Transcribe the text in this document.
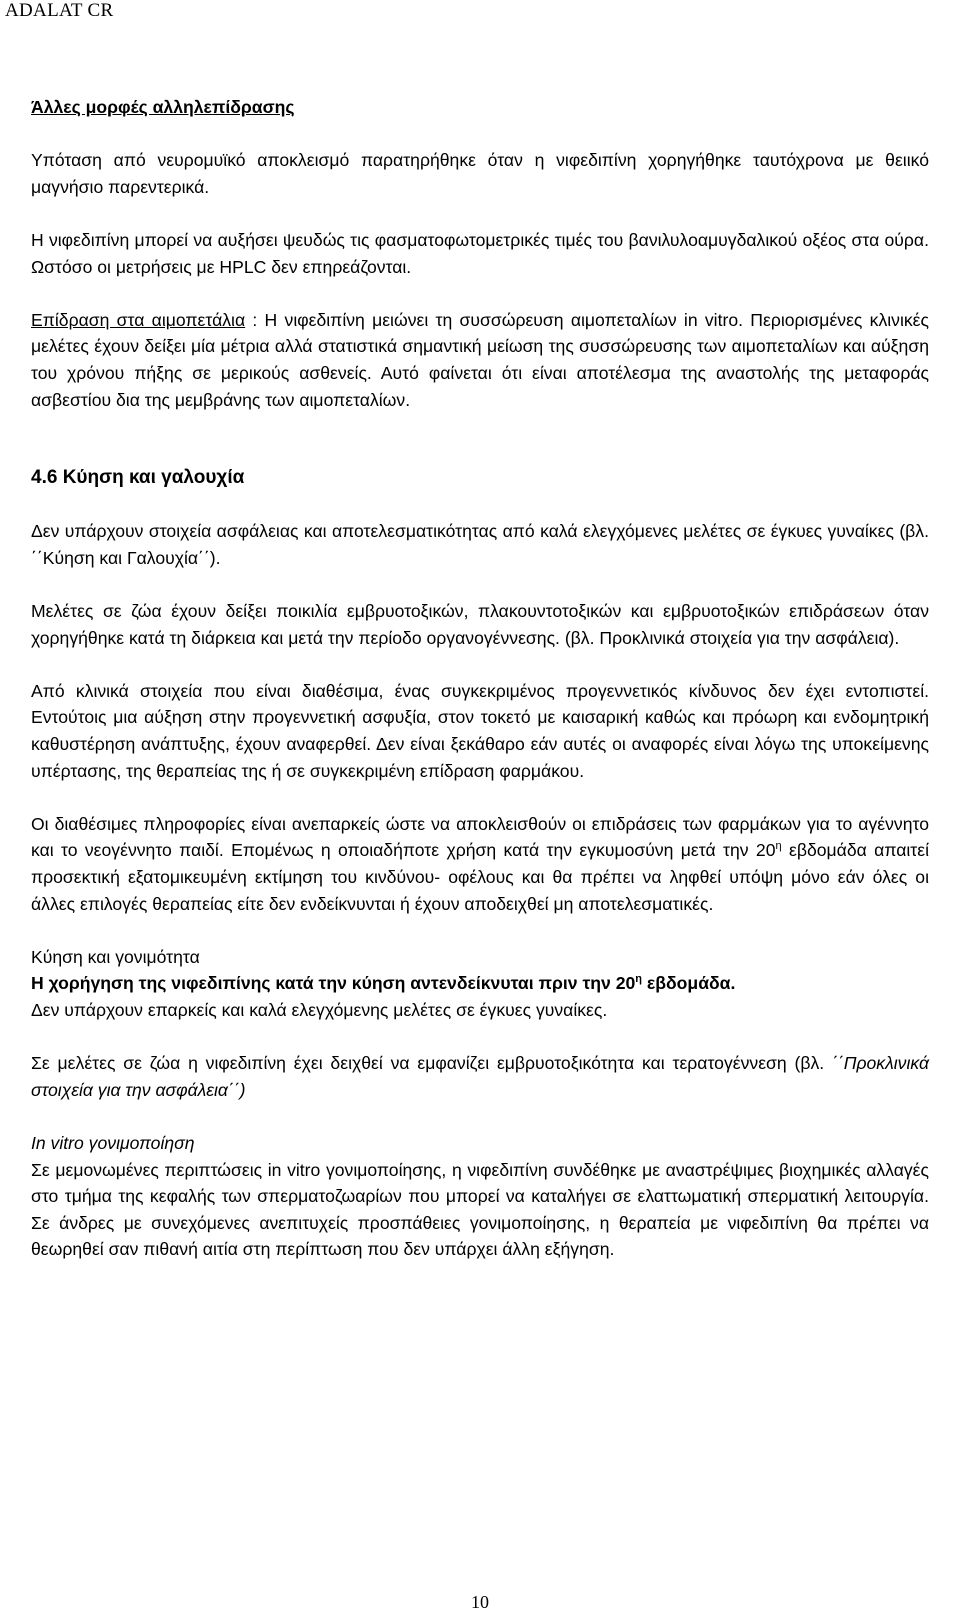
ADALAT CR

Άλλες μορφές αλληλεπίδρασης

Υπόταση από νευρομυϊκό αποκλεισμό παρατηρήθηκε όταν η νιφεδιπίνη χορηγήθηκε ταυτόχρονα με θειικό μαγνήσιο παρεντερικά.

Η νιφεδιπίνη μπορεί να αυξήσει ψευδώς τις φασματοφωτομετρικές τιμές του βανιλυλοαμυγδαλικού οξέος στα ούρα. Ωστόσο οι μετρήσεις με HPLC δεν επηρεάζονται.

Επίδραση στα αιμοπετάλια : Η νιφεδιπίνη μειώνει τη συσσώρευση αιμοπεταλίων in vitro. Περιορισμένες κλινικές μελέτες έχουν δείξει μία μέτρια αλλά στατιστικά σημαντική μείωση της συσσώρευσης των αιμοπεταλίων και αύξηση του χρόνου πήξης σε μερικούς ασθενείς. Αυτό φαίνεται ότι είναι αποτέλεσμα της αναστολής της μεταφοράς ασβεστίου δια της μεμβράνης των αιμοπεταλίων.

4.6 Κύηση και γαλουχία

Δεν υπάρχουν στοιχεία ασφάλειας και αποτελεσματικότητας από καλά ελεγχόμενες μελέτες σε έγκυες γυναίκες (βλ. ΄΄Κύηση και Γαλουχία΄΄).

Μελέτες σε ζώα έχουν δείξει ποικιλία εμβρυοτοξικών, πλακουντοτοξικών και εμβρυοτοξικών επιδράσεων όταν χορηγήθηκε κατά τη διάρκεια και μετά την περίοδο οργανογέννεσης. (βλ. Προκλινικά στοιχεία για την ασφάλεια).

Από κλινικά στοιχεία που είναι διαθέσιμα, ένας συγκεκριμένος προγεννετικός κίνδυνος δεν έχει εντοπιστεί. Εντούτοις μια αύξηση στην προγεννετική ασφυξία, στον τοκετό με καισαρική καθώς και πρόωρη και ενδομητρική καθυστέρηση ανάπτυξης, έχουν αναφερθεί. Δεν είναι ξεκάθαρο εάν αυτές οι αναφορές είναι λόγω της υποκείμενης υπέρτασης, της θεραπείας της ή σε συγκεκριμένη επίδραση φαρμάκου.

Οι διαθέσιμες πληροφορίες είναι ανεπαρκείς ώστε να αποκλεισθούν οι επιδράσεις των φαρμάκων για το αγέννητο και το νεογέννητο παιδί. Επομένως η οποιαδήποτε χρήση κατά την εγκυμοσύνη μετά την $20^\eta$ εβδομάδα απαιτεί προσεκτική εξατομικευμένη εκτίμηση του κινδύνου- οφέλους και θα πρέπει να ληφθεί υπόψη μόνο εάν όλες οι άλλες επιλογές θεραπείας είτε δεν ενδείκνυνται ή έχουν αποδειχθεί μη αποτελεσματικές.

Κύηση και γονιμότητα

Η χορήγηση της νιφεδιπίνης κατά την κύηση αντενδείκνυται πριν την $20^\eta$ εβδομάδα.

Δεν υπάρχουν επαρκείς και καλά ελεγχόμενης μελέτες σε έγκυες γυναίκες.

Σε μελέτες σε ζώα η νιφεδιπίνη έχει δειχθεί να εμφανίζει εμβρυοτοξικότητα και τερατογέννεση (βλ. ΄΄Προκλινικά στοιχεία για την ασφάλεια΄΄)

In vitro γονιμοποίηση

Σε μεμονωμένες περιπτώσεις in vitro γονιμοποίησης, η νιφεδιπίνη συνδέθηκε με αναστρέψιμες βιοχημικές αλλαγές στο τμήμα της κεφαλής των σπερματοζωαρίων που μπορεί να καταλήγει σε ελαττωματική σπερματική λειτουργία. Σε άνδρες με συνεχόμενες ανεπιτυχείς προσπάθειες γονιμοποίησης, η θεραπεία με νιφεδιπίνη θα πρέπει να θεωρηθεί σαν πιθανή αιτία στη περίπτωση που δεν υπάρχει άλλη εξήγηση.

10
